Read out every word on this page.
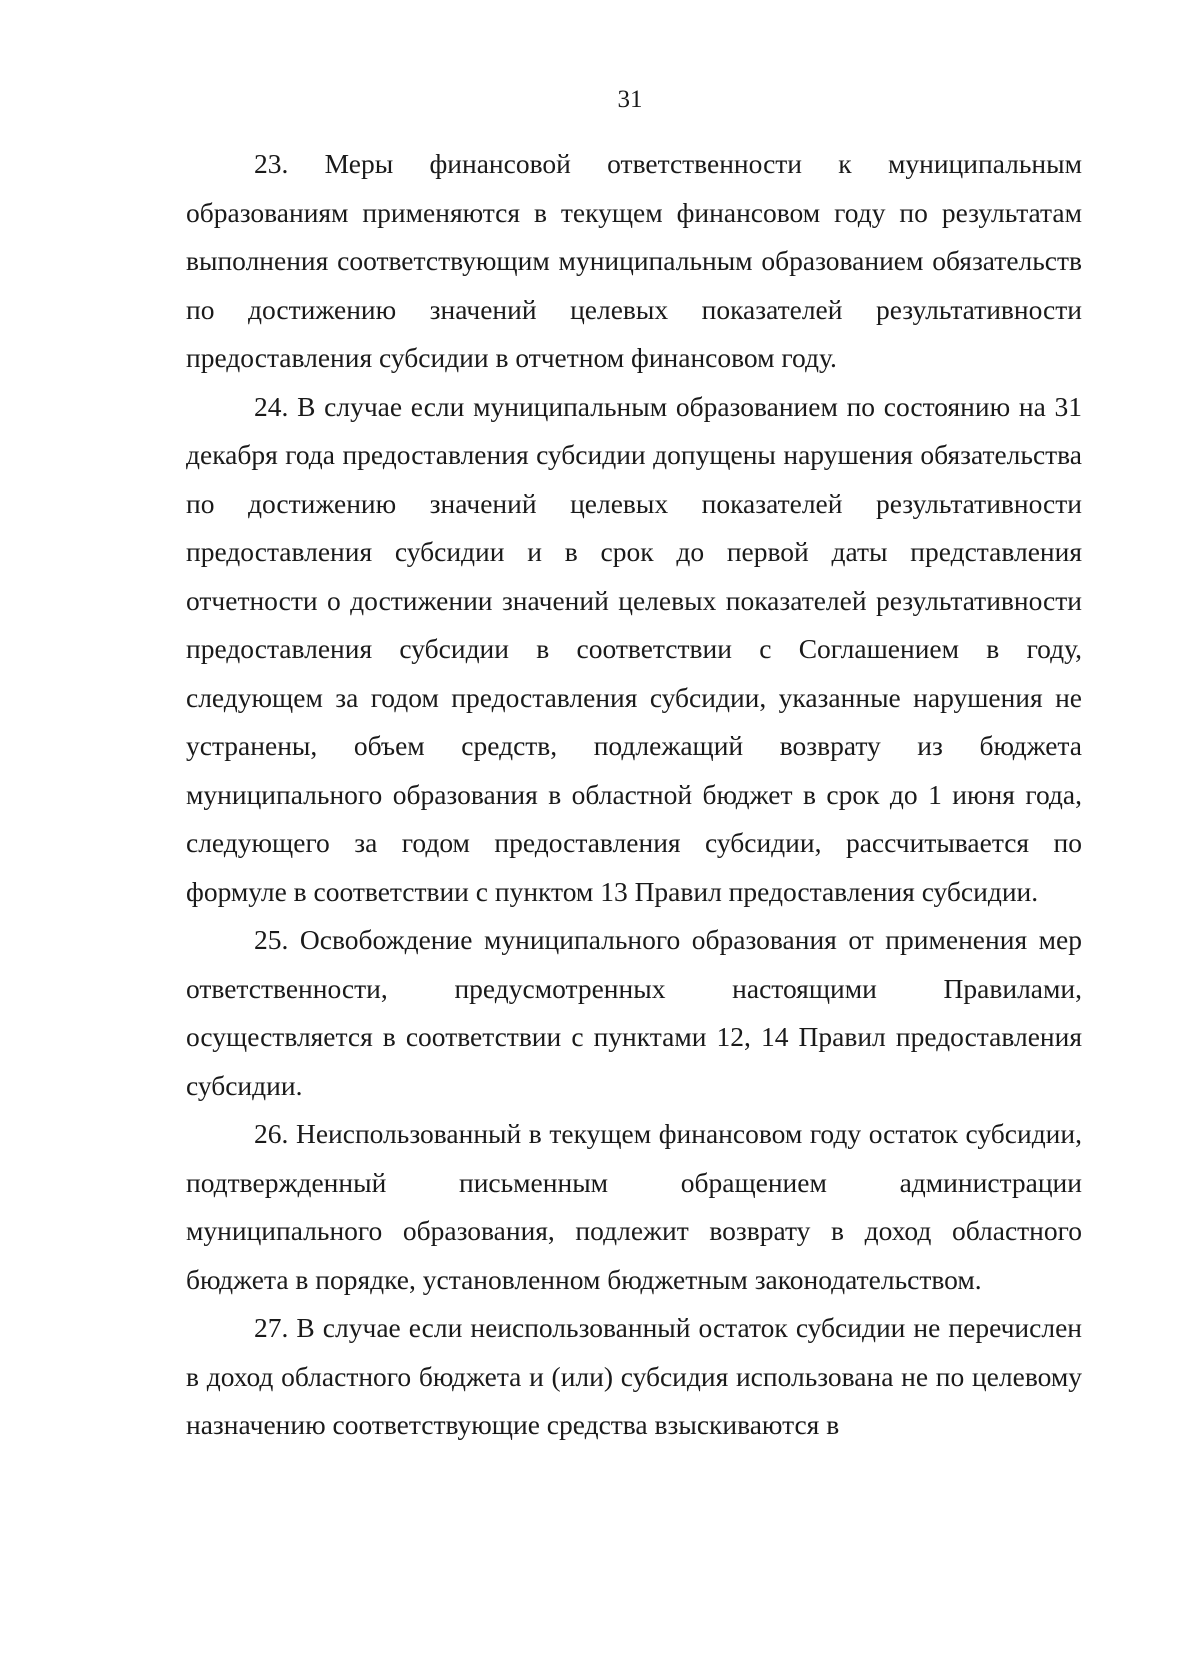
31

23. Меры финансовой ответственности к муниципальным образованиям применяются в текущем финансовом году по результатам выполнения соответствующим муниципальным образованием обязательств по достижению значений целевых показателей результативности предоставления субсидии в отчетном финансовом году.

24. В случае если муниципальным образованием по состоянию на 31 декабря года предоставления субсидии допущены нарушения обязательства по достижению значений целевых показателей результативности предоставления субсидии и в срок до первой даты представления отчетности о достижении значений целевых показателей результативности предоставления субсидии в соответствии с Соглашением в году, следующем за годом предоставления субсидии, указанные нарушения не устранены, объем средств, подлежащий возврату из бюджета муниципального образования в областной бюджет в срок до 1 июня года, следующего за годом предоставления субсидии, рассчитывается по формуле в соответствии с пунктом 13 Правил предоставления субсидии.

25. Освобождение муниципального образования от применения мер ответственности, предусмотренных настоящими Правилами, осуществляется в соответствии с пунктами 12, 14 Правил предоставления субсидии.

26. Неиспользованный в текущем финансовом году остаток субсидии, подтвержденный письменным обращением администрации муниципального образования, подлежит возврату в доход областного бюджета в порядке, установленном бюджетным законодательством.

27. В случае если неиспользованный остаток субсидии не перечислен в доход областного бюджета и (или) субсидия использована не по целевому назначению соответствующие средства взыскиваются в
